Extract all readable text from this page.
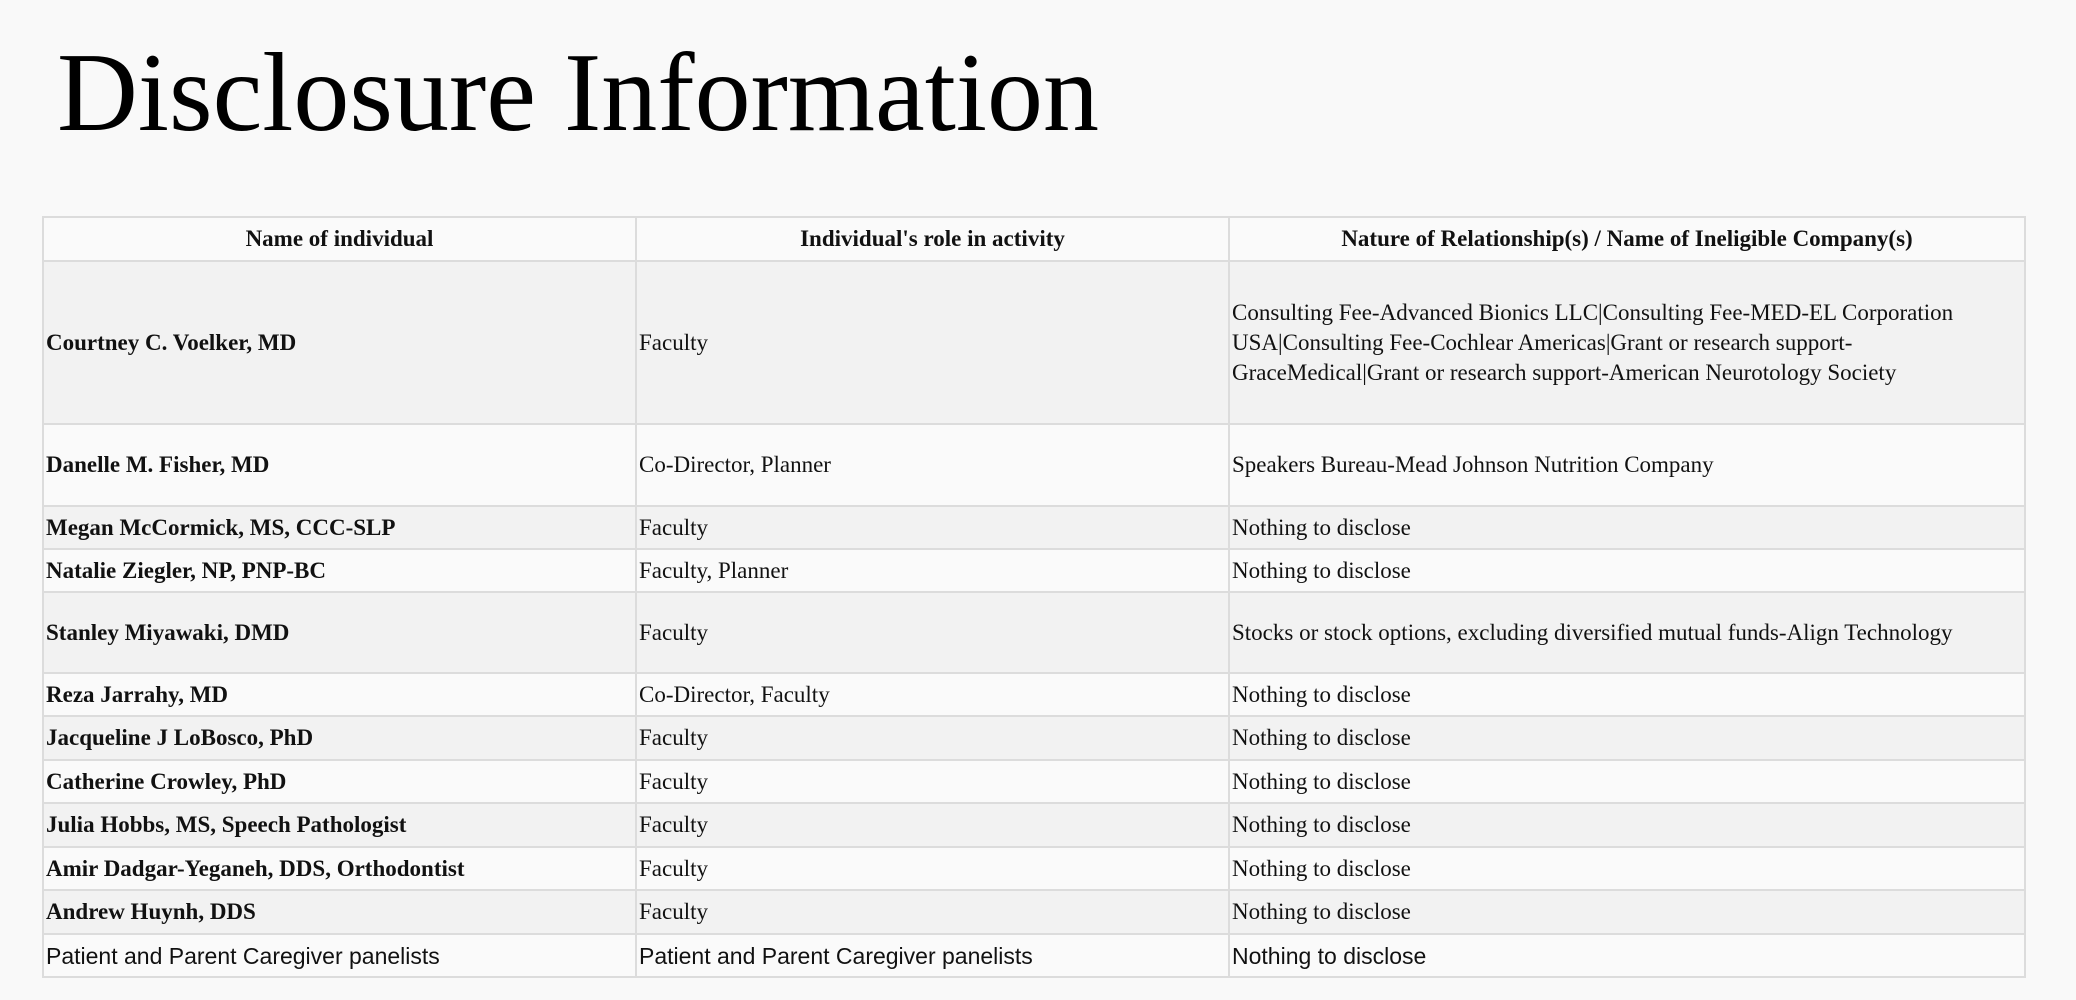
Disclosure Information
Name of individual	Individual's role in activity	Nature of Relationship(s) / Name of Ineligible Company(s)
Courtney C. Voelker, MD	Faculty	Consulting Fee-Advanced Bionics LLC|Consulting Fee-MED-EL Corporation USA|Consulting Fee-Cochlear Americas|Grant or research support-GraceMedical|Grant or research support-American Neurotology Society
Danelle M. Fisher, MD	Co-Director, Planner	Speakers Bureau-Mead Johnson Nutrition Company
Megan McCormick, MS, CCC-SLP	Faculty	Nothing to disclose
Natalie Ziegler, NP, PNP-BC	Faculty, Planner	Nothing to disclose
Stanley Miyawaki, DMD	Faculty	Stocks or stock options, excluding diversified mutual funds-Align Technology
Reza Jarrahy, MD	Co-Director, Faculty	Nothing to disclose
Jacqueline J LoBosco, PhD	Faculty	Nothing to disclose
Catherine Crowley, PhD	Faculty	Nothing to disclose
Julia Hobbs, MS, Speech Pathologist	Faculty	Nothing to disclose
Amir Dadgar-Yeganeh, DDS, Orthodontist	Faculty	Nothing to disclose
Andrew Huynh, DDS	Faculty	Nothing to disclose
Patient and Parent Caregiver panelists	Patient and Parent Caregiver panelists	Nothing to disclose
